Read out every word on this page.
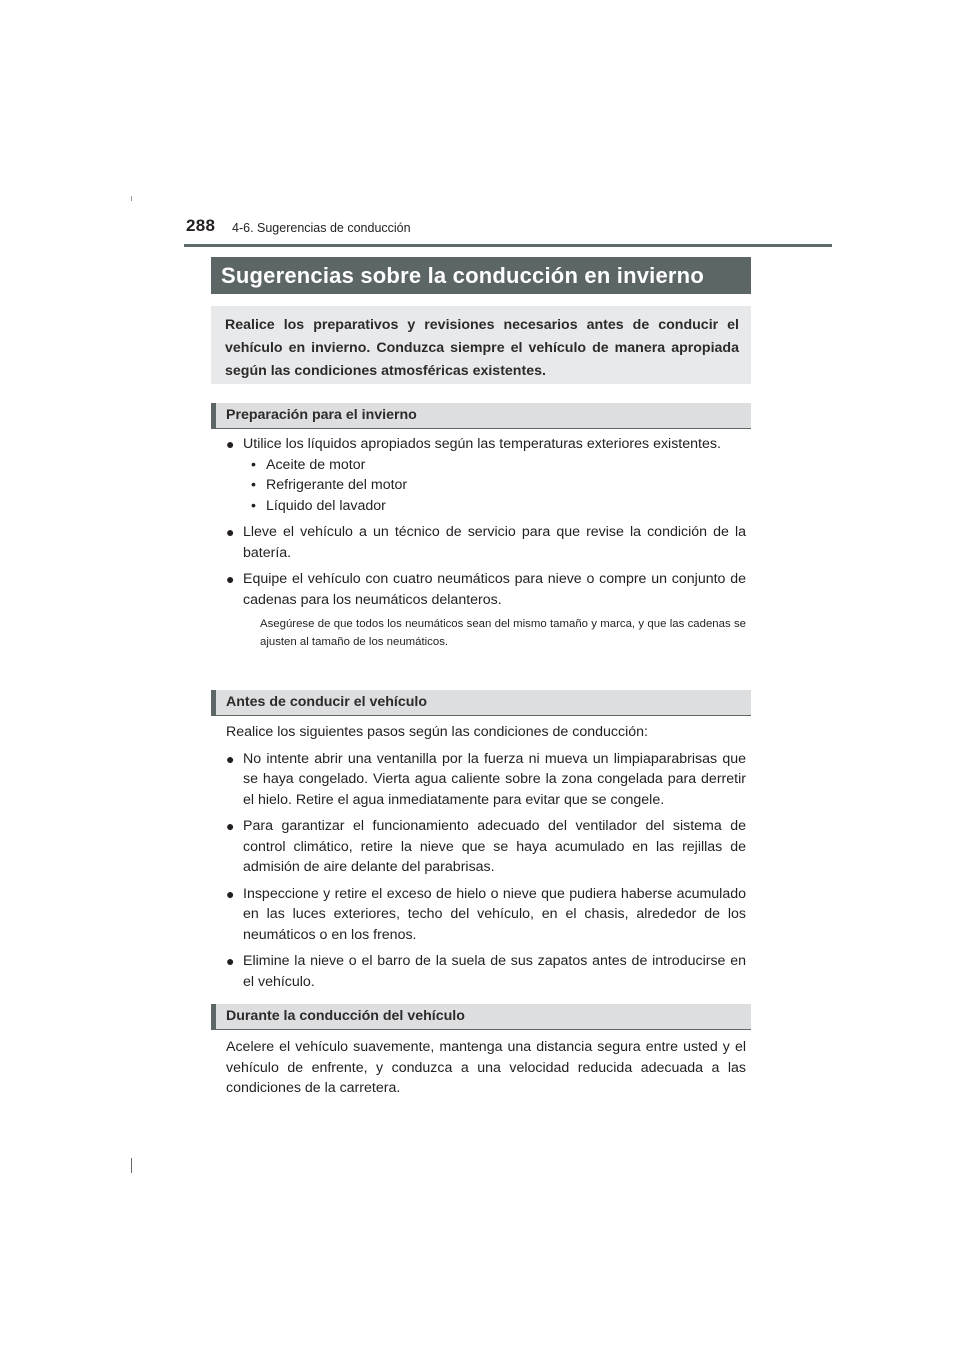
288 4-6. Sugerencias de conducción
Sugerencias sobre la conducción en invierno
Realice los preparativos y revisiones necesarios antes de conducir el vehículo en invierno. Conduzca siempre el vehículo de manera apropiada según las condiciones atmosféricas existentes.
Preparación para el invierno
● Utilice los líquidos apropiados según las temperaturas exteriores existentes.
• Aceite de motor
• Refrigerante del motor
• Líquido del lavador
● Lleve el vehículo a un técnico de servicio para que revise la condición de la batería.
● Equipe el vehículo con cuatro neumáticos para nieve o compre un conjunto de cadenas para los neumáticos delanteros.
Asegúrese de que todos los neumáticos sean del mismo tamaño y marca, y que las cadenas se ajusten al tamaño de los neumáticos.
Antes de conducir el vehículo
Realice los siguientes pasos según las condiciones de conducción:
● No intente abrir una ventanilla por la fuerza ni mueva un limpiaparabrisas que se haya congelado. Vierta agua caliente sobre la zona congelada para derretir el hielo. Retire el agua inmediatamente para evitar que se congele.
● Para garantizar el funcionamiento adecuado del ventilador del sistema de control climático, retire la nieve que se haya acumulado en las rejillas de admisión de aire delante del parabrisas.
● Inspeccione y retire el exceso de hielo o nieve que pudiera haberse acumulado en las luces exteriores, techo del vehículo, en el chasis, alrededor de los neumáticos o en los frenos.
● Elimine la nieve o el barro de la suela de sus zapatos antes de introducirse en el vehículo.
Durante la conducción del vehículo
Acelere el vehículo suavemente, mantenga una distancia segura entre usted y el vehículo de enfrente, y conduzca a una velocidad reducida adecuada a las condiciones de la carretera.
